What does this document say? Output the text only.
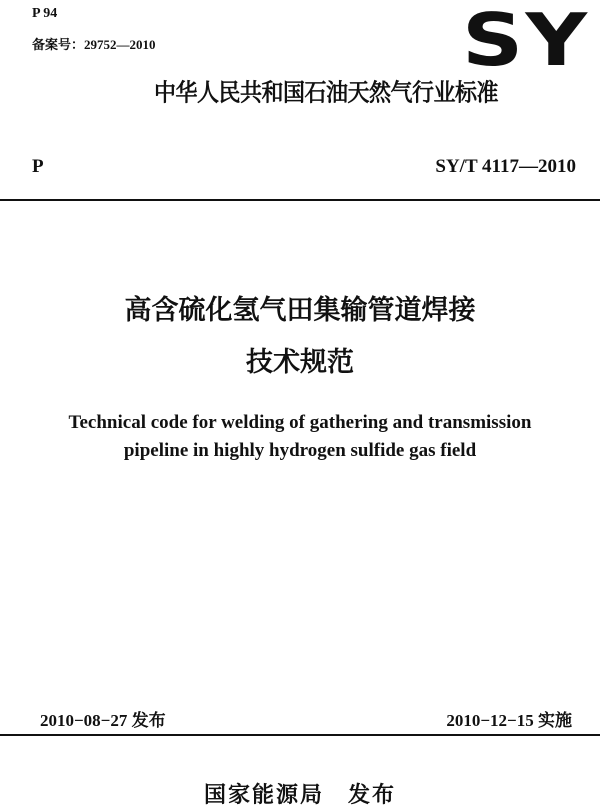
P 94
备案号：29752—2010	SY
中华人民共和国石油天然气行业标准
P	SY/T 4117—2010
高含硫化氢气田集输管道焊接
技术规范
Technical code for welding of gathering and transmission
pipeline in highly hydrogen sulfide gas field
2010−08−27 发布	2010−12−15 实施
国家能源局　发布
